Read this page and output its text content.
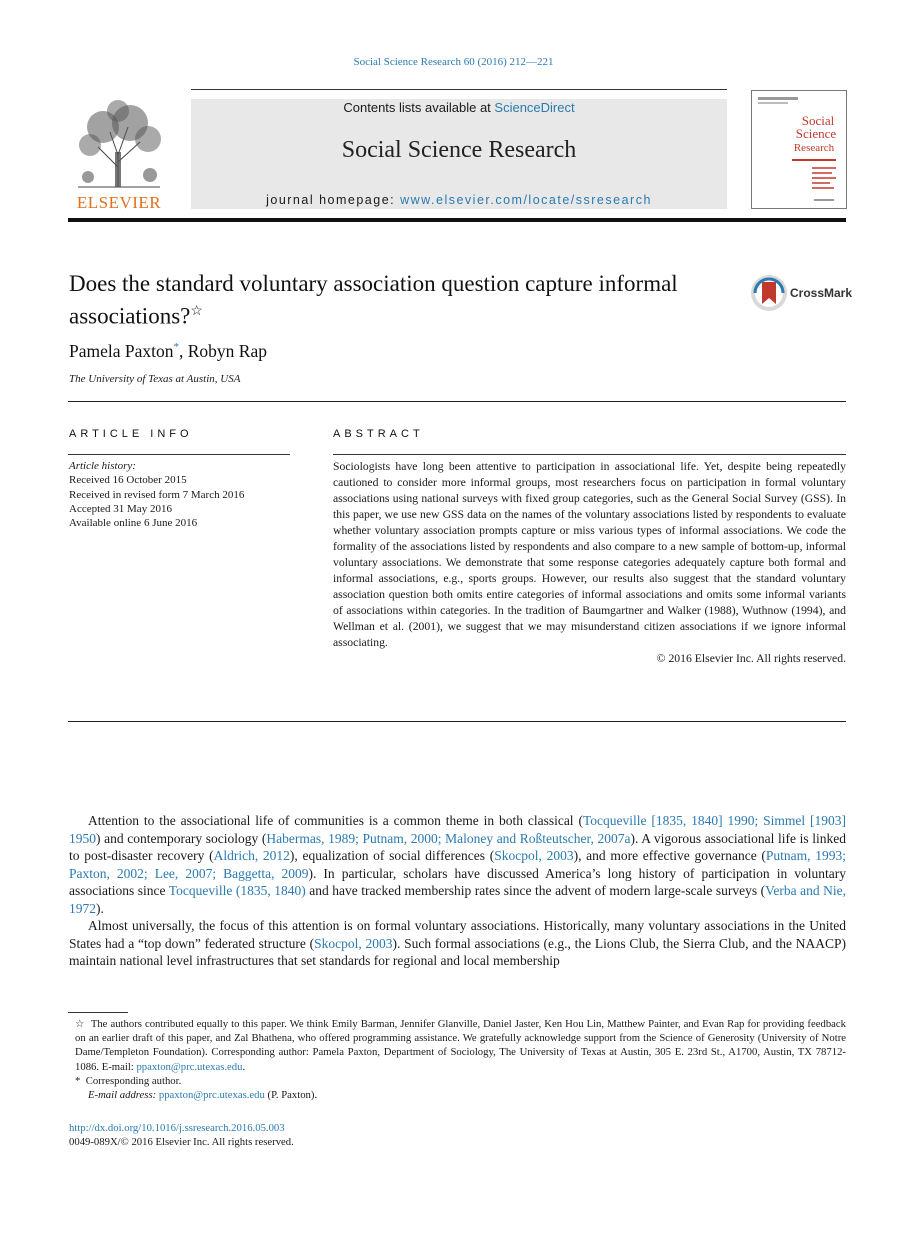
Social Science Research 60 (2016) 212—221
ELSEVIER
Contents lists available at ScienceDirect
Social Science Research
journal homepage: www.elsevier.com/locate/ssresearch
Social
Science
Research
Does the standard voluntary association question capture informal associations?☆
CrossMark
Pamela Paxton*, Robyn Rap
The University of Texas at Austin, USA
ARTICLE INFO	ABSTRACT
Article history:
Received 16 October 2015
Received in revised form 7 March 2016
Accepted 31 May 2016
Available online 6 June 2016
Sociologists have long been attentive to participation in associational life. Yet, despite being repeatedly cautioned to consider more informal groups, most researchers focus on participation in formal voluntary associations using national surveys with fixed group categories, such as the General Social Survey (GSS). In this paper, we use new GSS data on the names of the voluntary associations listed by respondents to evaluate whether voluntary association prompts capture or miss various types of informal associations. We code the formality of the associations listed by respondents and also compare to a new sample of bottom-up, informal voluntary associations. We demonstrate that some response categories adequately capture both formal and informal associations, e.g., sports groups. However, our results also suggest that the standard voluntary association question both omits entire categories of informal associations and omits some informal variants of associations within categories. In the tradition of Baumgartner and Walker (1988), Wuthnow (1994), and Wellman et al. (2001), we suggest that we may misunderstand citizen associations if we ignore informal associating.
© 2016 Elsevier Inc. All rights reserved.

Attention to the associational life of communities is a common theme in both classical (Tocqueville [1835, 1840] 1990; Simmel [1903] 1950) and contemporary sociology (Habermas, 1989; Putnam, 2000; Maloney and Roßteutscher, 2007a). A vigorous associational life is linked to post-disaster recovery (Aldrich, 2012), equalization of social differences (Skocpol, 2003), and more effective governance (Putnam, 1993; Paxton, 2002; Lee, 2007; Baggetta, 2009). In particular, scholars have discussed America’s long history of participation in voluntary associations since Tocqueville (1835, 1840) and have tracked membership rates since the advent of modern large-scale surveys (Verba and Nie, 1972).

Almost universally, the focus of this attention is on formal voluntary associations. Historically, many voluntary associations in the United States had a “top down” federated structure (Skocpol, 2003). Such formal associations (e.g., the Lions Club, the Sierra Club, and the NAACP) maintain national level infrastructures that set standards for regional and local membership

☆ The authors contributed equally to this paper. We think Emily Barman, Jennifer Glanville, Daniel Jaster, Ken Hou Lin, Matthew Painter, and Evan Rap for providing feedback on an earlier draft of this paper, and Zal Bhathena, who offered programming assistance. We gratefully acknowledge support from the Science of Generosity (University of Notre Dame/Templeton Foundation). Corresponding author: Pamela Paxton, Department of Sociology, The University of Texas at Austin, 305 E. 23rd St., A1700, Austin, TX 78712-1086. E-mail: ppaxton@prc.utexas.edu.

* Corresponding author.

E-mail address: ppaxton@prc.utexas.edu (P. Paxton).

http://dx.doi.org/10.1016/j.ssresearch.2016.05.003
0049-089X/© 2016 Elsevier Inc. All rights reserved.
